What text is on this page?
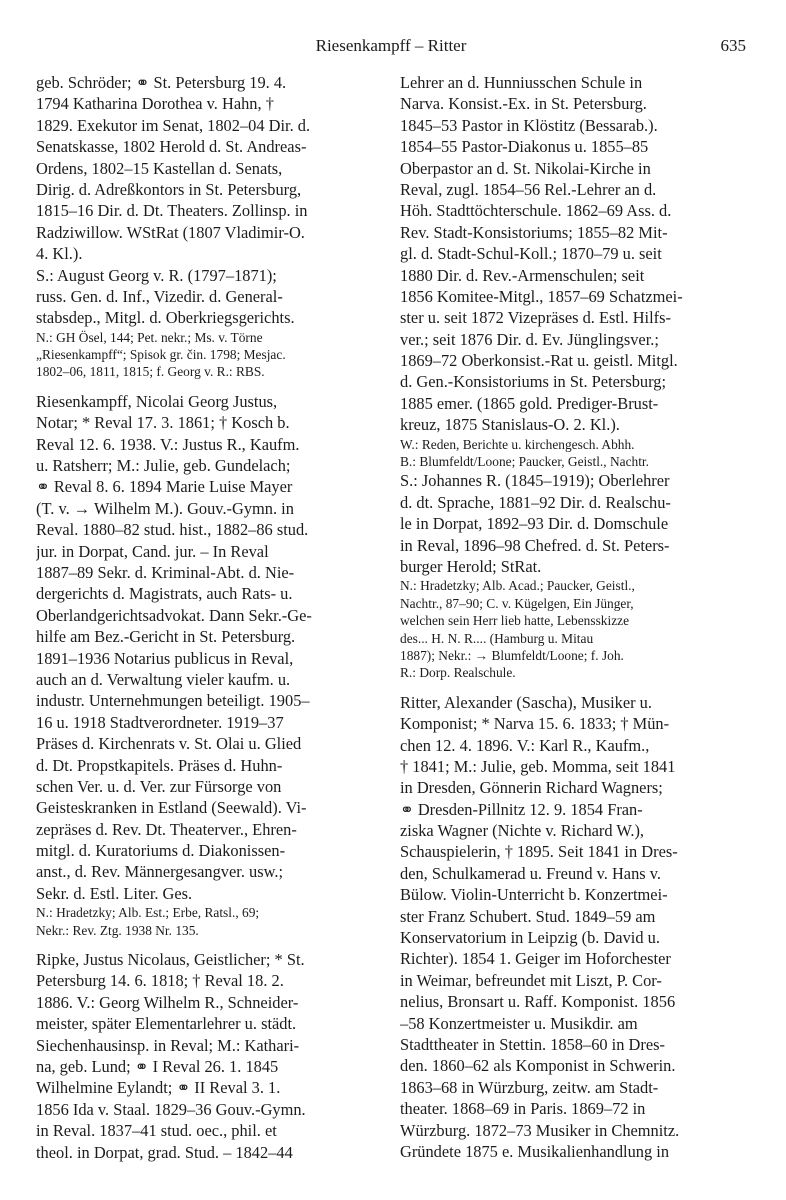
Riesenkampff – Ritter	635
geb. Schröder; ⚭ St. Petersburg 19. 4.
1794 Katharina Dorothea v. Hahn, †
1829. Exekutor im Senat, 1802–04 Dir. d.
Senatskasse, 1802 Herold d. St. Andreas-
Ordens, 1802–15 Kastellan d. Senats,
Dirig. d. Adreßkontors in St. Petersburg,
1815–16 Dir. d. Dt. Theaters. Zollinsp. in
Radziwillow. WStRat (1807 Vladimir-O.
4. Kl.).
S.: August Georg v. R. (1797–1871);
russ. Gen. d. Inf., Vizedir. d. General-
stabsdep., Mitgl. d. Oberkriegsgerichts.
N.: GH Ösel, 144; Pet. nekr.; Ms. v. Törne
„Riesenkampff“; Spisok gr. čin. 1798; Mesjac.
1802–06, 1811, 1815; f. Georg v. R.: RBS.
Riesenkampff, Nicolai Georg Justus,
Notar; * Reval 17. 3. 1861; † Kosch b.
Reval 12. 6. 1938. V.: Justus R., Kaufm.
u. Ratsherr; M.: Julie, geb. Gundelach;
⚭ Reval 8. 6. 1894 Marie Luise Mayer
(T. v. → Wilhelm M.). Gouv.-Gymn. in
Reval. 1880–82 stud. hist., 1882–86 stud.
jur. in Dorpat, Cand. jur. – In Reval
1887–89 Sekr. d. Kriminal-Abt. d. Nie-
dergerichts d. Magistrats, auch Rats- u.
Oberlandgerichtsadvokat. Dann Sekr.-Ge-
hilfe am Bez.-Gericht in St. Petersburg.
1891–1936 Notarius publicus in Reval,
auch an d. Verwaltung vieler kaufm. u.
industr. Unternehmungen beteiligt. 1905–
16 u. 1918 Stadtverordneter. 1919–37
Präses d. Kirchenrats v. St. Olai u. Glied
d. Dt. Propstkapitels. Präses d. Huhn-
schen Ver. u. d. Ver. zur Fürsorge von
Geisteskranken in Estland (Seewald). Vi-
zepräses d. Rev. Dt. Theaterver., Ehren-
mitgl. d. Kuratoriums d. Diakonissen-
anst., d. Rev. Männergesangver. usw.;
Sekr. d. Estl. Liter. Ges.
N.: Hradetzky; Alb. Est.; Erbe, Ratsl., 69;
Nekr.: Rev. Ztg. 1938 Nr. 135.
Ripke, Justus Nicolaus, Geistlicher; * St.
Petersburg 14. 6. 1818; † Reval 18. 2.
1886. V.: Georg Wilhelm R., Schneider-
meister, später Elementarlehrer u. städt.
Siechenhausinsp. in Reval; M.: Kathari-
na, geb. Lund; ⚭ I Reval 26. 1. 1845
Wilhelmine Eylandt; ⚭ II Reval 3. 1.
1856 Ida v. Staal. 1829–36 Gouv.-Gymn.
in Reval. 1837–41 stud. oec., phil. et
theol. in Dorpat, grad. Stud. – 1842–44
Lehrer an d. Hunniusschen Schule in
Narva. Konsist.-Ex. in St. Petersburg.
1845–53 Pastor in Klöstitz (Bessarab.).
1854–55 Pastor-Diakonus u. 1855–85
Oberpastor an d. St. Nikolai-Kirche in
Reval, zugl. 1854–56 Rel.-Lehrer an d.
Höh. Stadttöchterschule. 1862–69 Ass. d.
Rev. Stadt-Konsistoriums; 1855–82 Mit-
gl. d. Stadt-Schul-Koll.; 1870–79 u. seit
1880 Dir. d. Rev.-Armenschulen; seit
1856 Komitee-Mitgl., 1857–69 Schatzmei-
ster u. seit 1872 Vizepräses d. Estl. Hilfs-
ver.; seit 1876 Dir. d. Ev. Jünglingsver.;
1869–72 Oberkonsist.-Rat u. geistl. Mitgl.
d. Gen.-Konsistoriums in St. Petersburg;
1885 emer. (1865 gold. Prediger-Brust-
kreuz, 1875 Stanislaus-O. 2. Kl.).
W.: Reden, Berichte u. kirchengesch. Abhh.
B.: Blumfeldt/Loone; Paucker, Geistl., Nachtr.
S.: Johannes R. (1845–1919); Oberlehrer
d. dt. Sprache, 1881–92 Dir. d. Realschu-
le in Dorpat, 1892–93 Dir. d. Domschule
in Reval, 1896–98 Chefred. d. St. Peters-
burger Herold; StRat.
N.: Hradetzky; Alb. Acad.; Paucker, Geistl.,
Nachtr., 87–90; C. v. Kügelgen, Ein Jünger,
welchen sein Herr lieb hatte, Lebensskizze
des... H. N. R.... (Hamburg u. Mitau
1887); Nekr.: → Blumfeldt/Loone; f. Joh.
R.: Dorp. Realschule.
Ritter, Alexander (Sascha), Musiker u.
Komponist; * Narva 15. 6. 1833; † Mün-
chen 12. 4. 1896. V.: Karl R., Kaufm.,
† 1841; M.: Julie, geb. Momma, seit 1841
in Dresden, Gönnerin Richard Wagners;
⚭ Dresden-Pillnitz 12. 9. 1854 Fran-
ziska Wagner (Nichte v. Richard W.),
Schauspielerin, † 1895. Seit 1841 in Dres-
den, Schulkamerad u. Freund v. Hans v.
Bülow. Violin-Unterricht b. Konzertmei-
ster Franz Schubert. Stud. 1849–59 am
Konservatorium in Leipzig (b. David u.
Richter). 1854 1. Geiger im Hoforchester
in Weimar, befreundet mit Liszt, P. Cor-
nelius, Bronsart u. Raff. Komponist. 1856
–58 Konzertmeister u. Musikdir. am
Stadttheater in Stettin. 1858–60 in Dres-
den. 1860–62 als Komponist in Schwerin.
1863–68 in Würzburg, zeitw. am Stadt-
theater. 1868–69 in Paris. 1869–72 in
Würzburg. 1872–73 Musiker in Chemnitz.
Gründete 1875 e. Musikalienhandlung in
